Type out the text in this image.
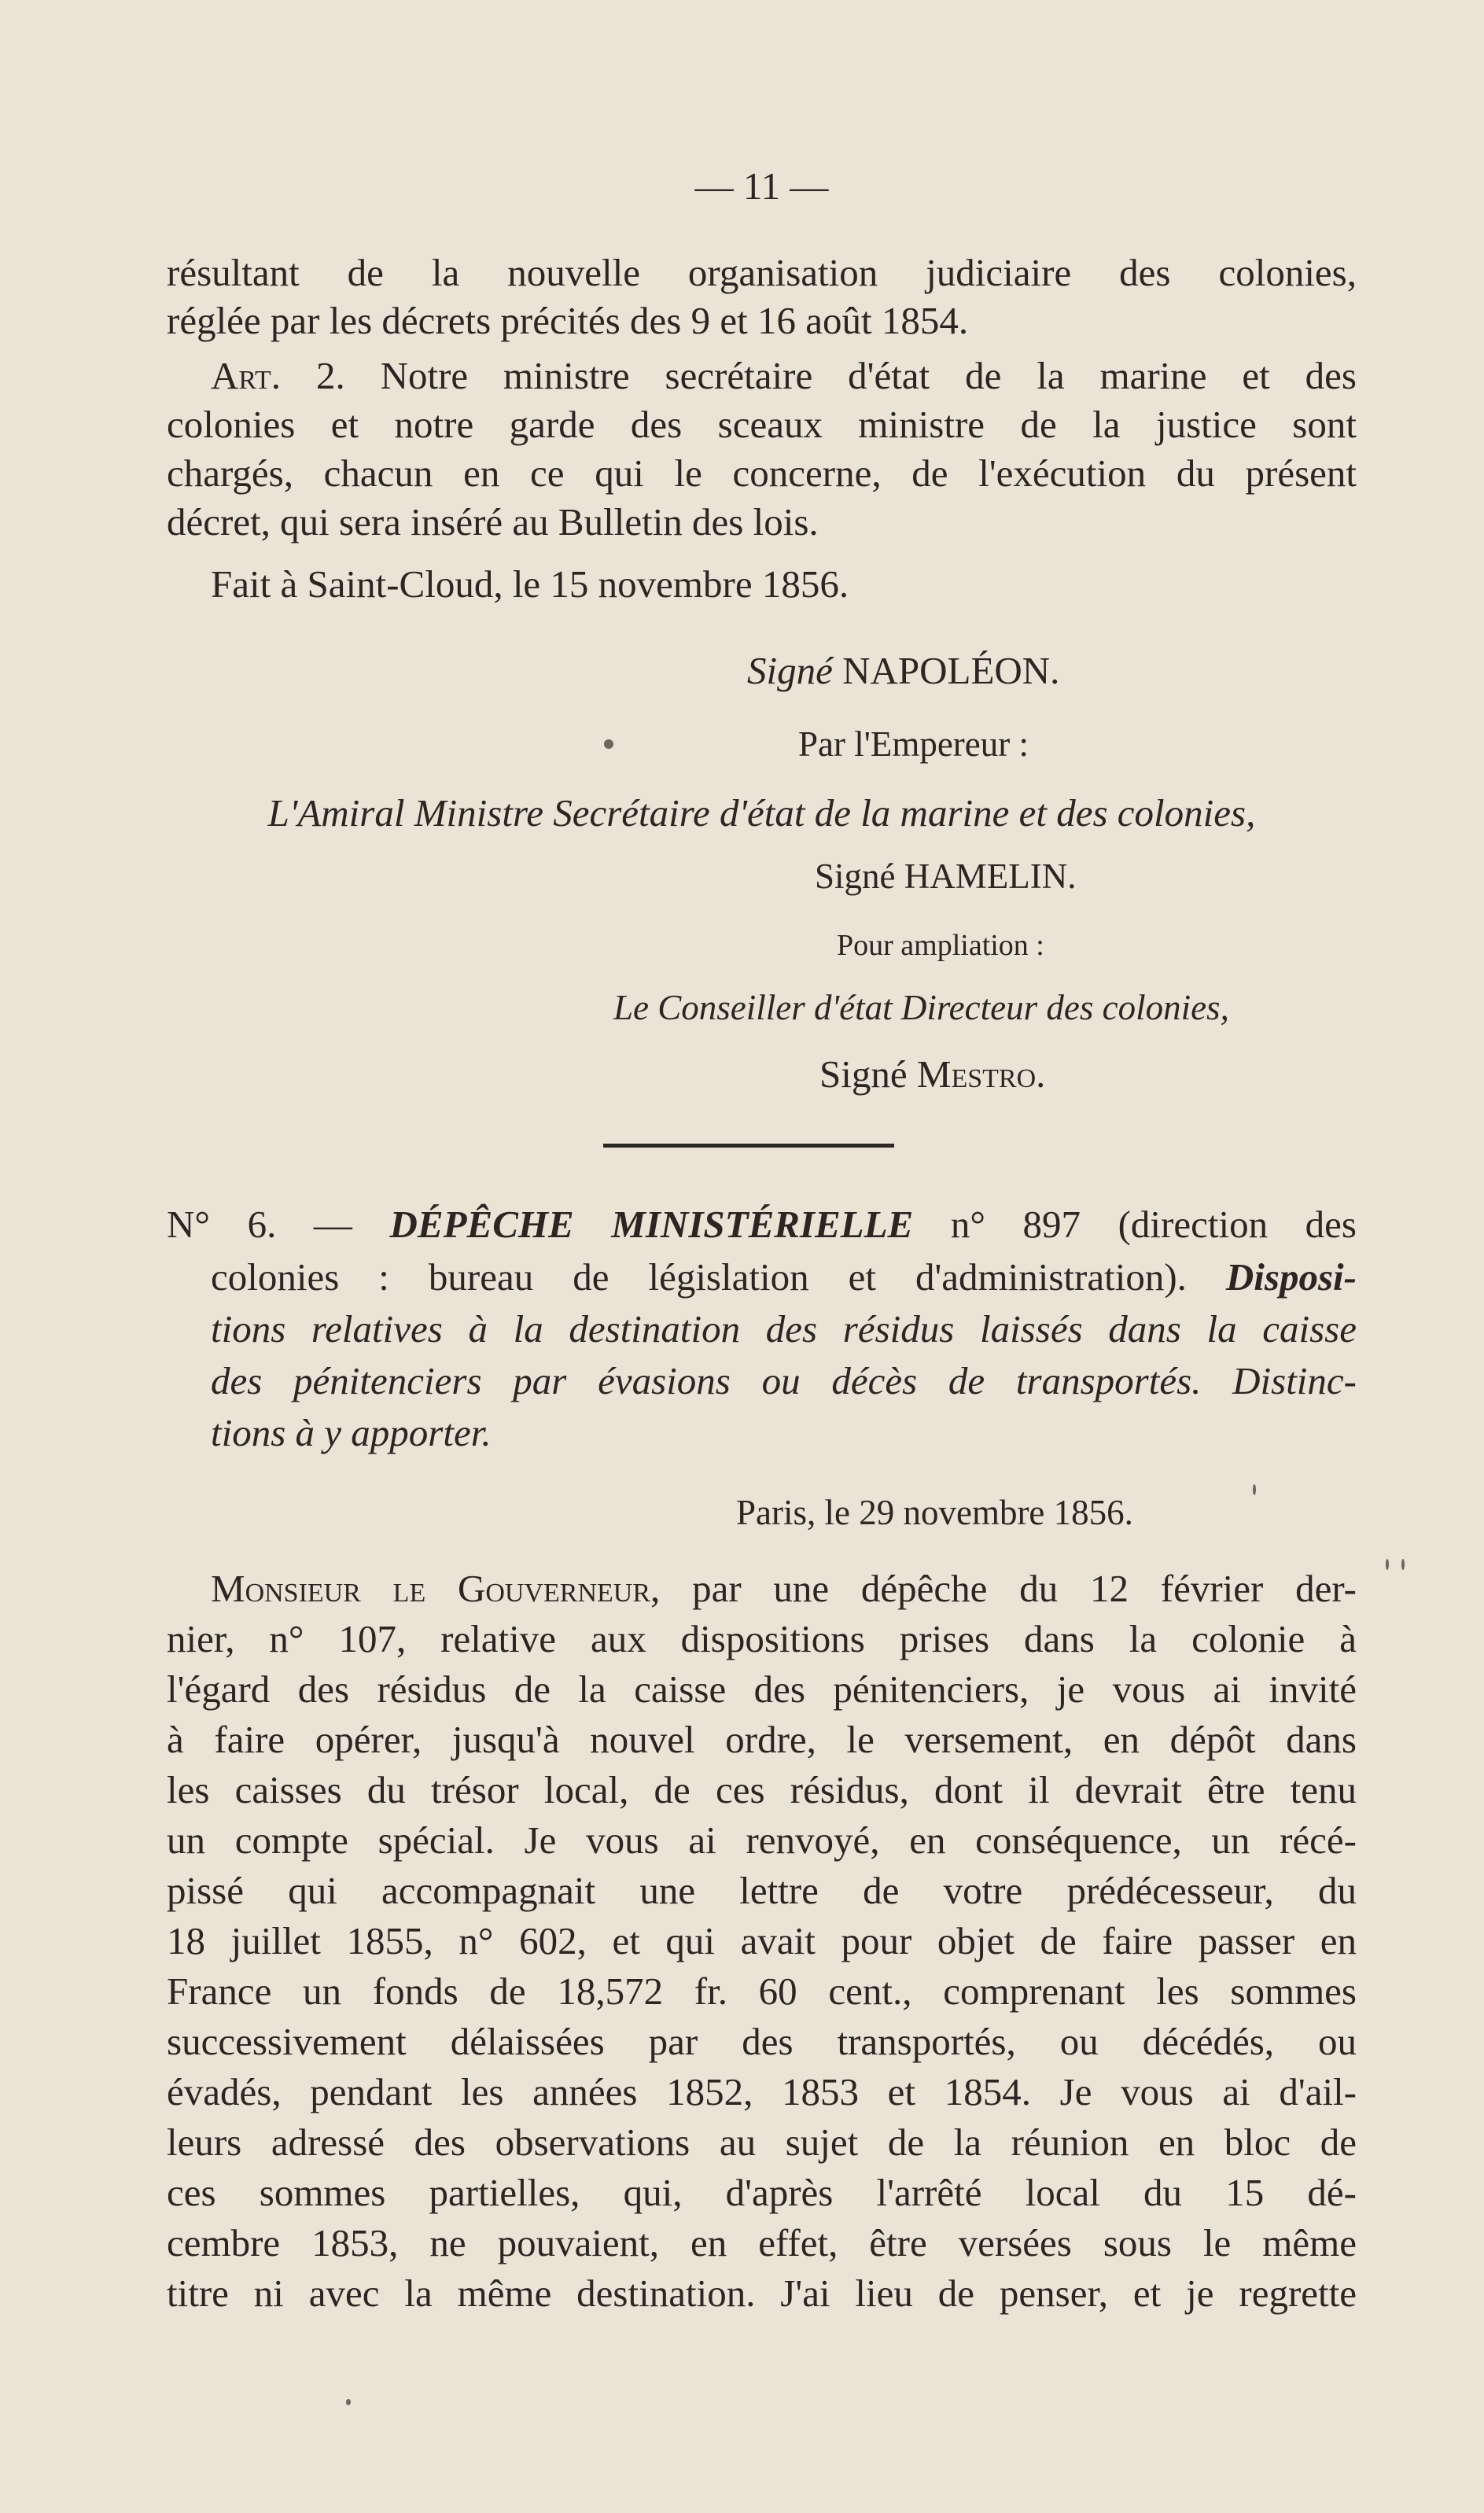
— 11 —
résultant de la nouvelle organisation judiciaire des colonies,
réglée par les décrets précités des 9 et 16 août 1854.
Art. 2. Notre ministre secrétaire d'état de la marine et des
colonies et notre garde des sceaux ministre de la justice sont
chargés, chacun en ce qui le concerne, de l'exécution du présent
décret, qui sera inséré au Bulletin des lois.
Fait à Saint-Cloud, le 15 novembre 1856.
Signé NAPOLÉON.
Par l'Empereur :
L'Amiral Ministre Secrétaire d'état de la marine et des colonies,
Signé HAMELIN.
Pour ampliation :
Le Conseiller d'état Directeur des colonies,
Signé Mestro.
N° 6. — DÉPÊCHE MINISTÉRIELLE n° 897 (direction des
colonies : bureau de législation et d'administration). Disposi-
tions relatives à la destination des résidus laissés dans la caisse
des pénitenciers par évasions ou décès de transportés. Distinc-
tions à y apporter.
Paris, le 29 novembre 1856.
Monsieur le Gouverneur, par une dépêche du 12 février der-
nier, n° 107, relative aux dispositions prises dans la colonie à
l'égard des résidus de la caisse des pénitenciers, je vous ai invité
à faire opérer, jusqu'à nouvel ordre, le versement, en dépôt dans
les caisses du trésor local, de ces résidus, dont il devrait être tenu
un compte spécial. Je vous ai renvoyé, en conséquence, un récé-
pissé qui accompagnait une lettre de votre prédécesseur, du
18 juillet 1855, n° 602, et qui avait pour objet de faire passer en
France un fonds de 18,572 fr. 60 cent., comprenant les sommes
successivement délaissées par des transportés, ou décédés, ou
évadés, pendant les années 1852, 1853 et 1854. Je vous ai d'ail-
leurs adressé des observations au sujet de la réunion en bloc de
ces sommes partielles, qui, d'après l'arrêté local du 15 dé-
cembre 1853, ne pouvaient, en effet, être versées sous le même
titre ni avec la même destination. J'ai lieu de penser, et je regrette
